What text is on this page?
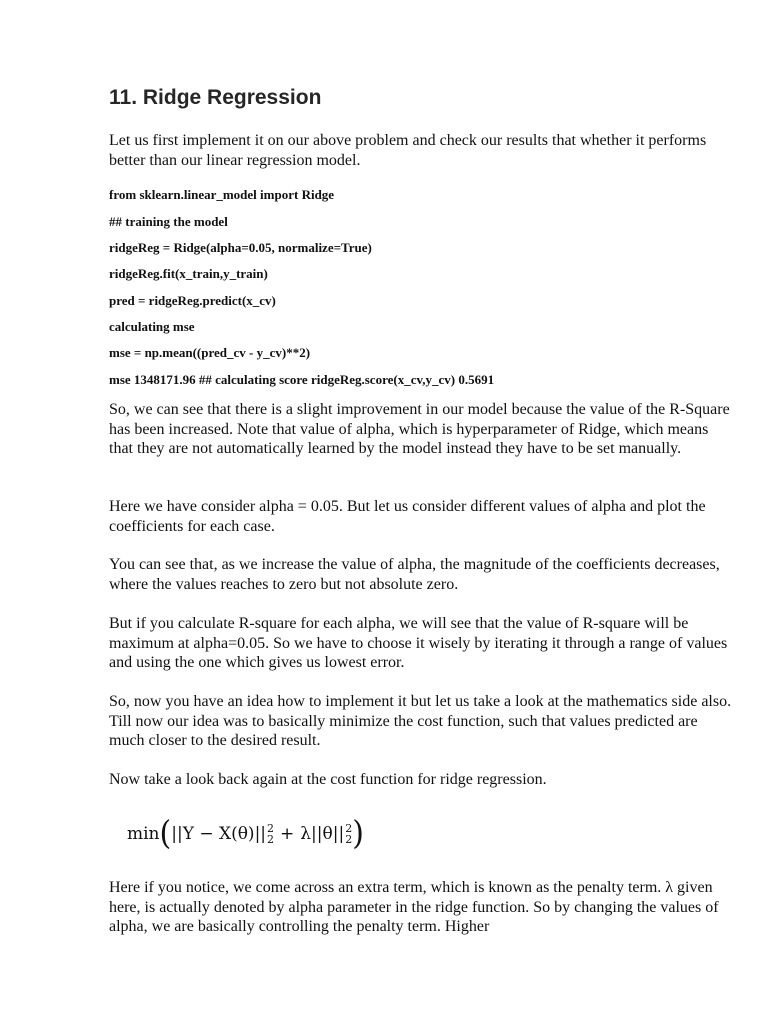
11. Ridge Regression

Let us first implement it on our above problem and check our results that whether it performs better than our linear regression model.

from sklearn.linear_model import Ridge

## training the model

ridgeReg = Ridge(alpha=0.05, normalize=True)

ridgeReg.fit(x_train,y_train)

pred = ridgeReg.predict(x_cv)

calculating mse

mse = np.mean((pred_cv - y_cv)**2)

mse 1348171.96 ## calculating score ridgeReg.score(x_cv,y_cv) 0.5691

So, we can see that there is a slight improvement in our model because the value of the R-Square has been increased. Note that value of alpha, which is hyperparameter of Ridge, which means that they are not automatically learned by the model instead they have to be set manually.

Here we have consider alpha = 0.05. But let us consider different values of alpha and plot the coefficients for each case.

You can see that, as we increase the value of alpha, the magnitude of the coefficients decreases, where the values reaches to zero but not absolute zero.

But if you calculate R-square for each alpha, we will see that the value of R-square will be maximum at alpha=0.05. So we have to choose it wisely by iterating it through a range of values and using the one which gives us lowest error.

So, now you have an idea how to implement it but let us take a look at the mathematics side also. Till now our idea was to basically minimize the cost function, such that values predicted are much closer to the desired result.

Now take a look back again at the cost function for ridge regression.

min ( ||Y − X(θ)|| 2
2 + λ||θ|| 2
2 )

Here if you notice, we come across an extra term, which is known as the penalty term. λ given here, is actually denoted by alpha parameter in the ridge function. So by changing the values of alpha, we are basically controlling the penalty term. Higher
